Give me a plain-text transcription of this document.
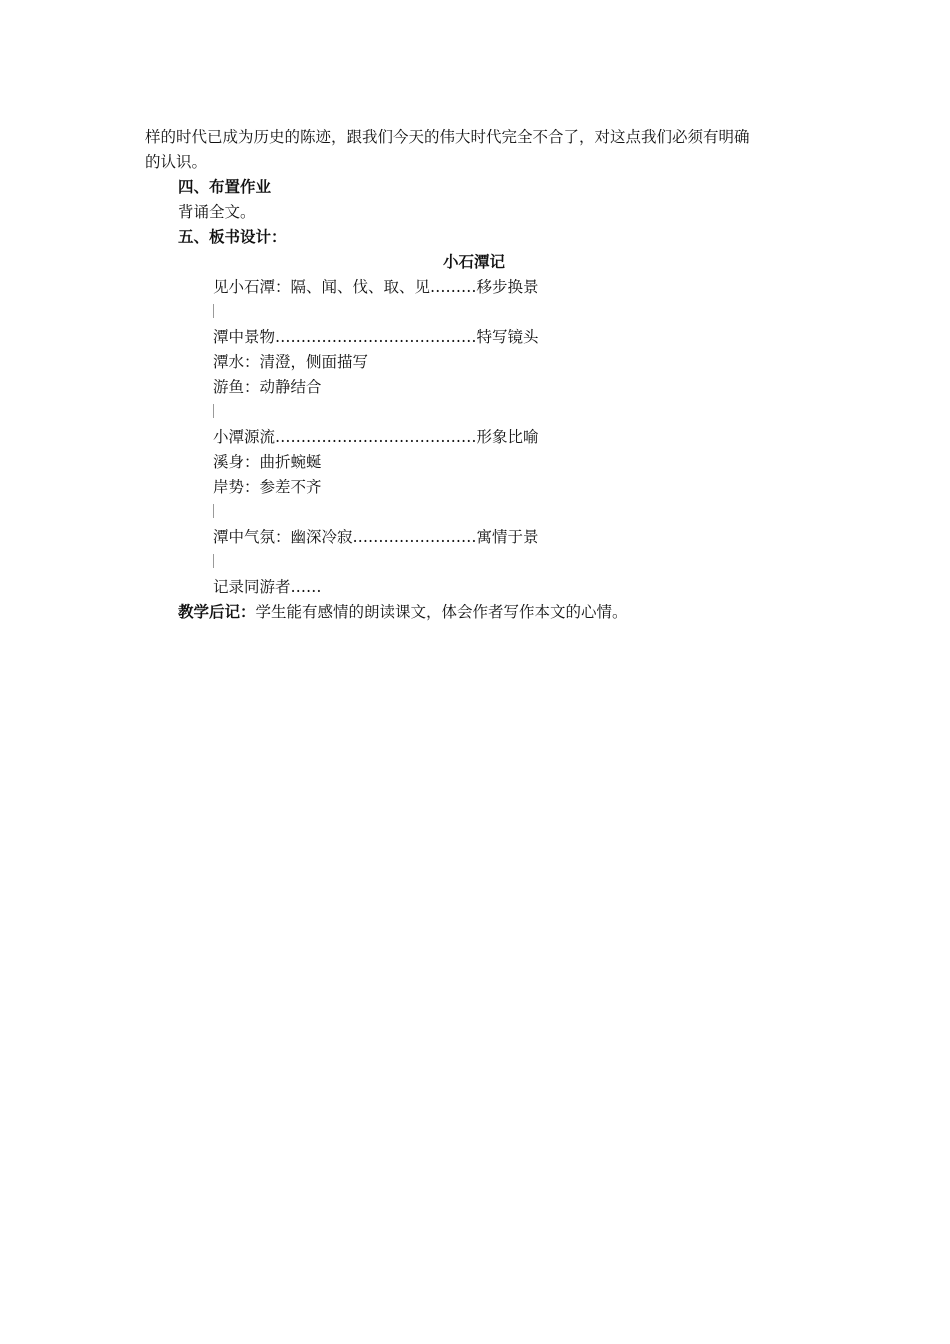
样的时代已成为历史的陈迹，跟我们今天的伟大时代完全不合了，对这点我们必须有明确
的认识。
四、布置作业
背诵全文。
五、板书设计：
小石潭记
见小石潭：隔、闻、伐、取、见………移步换景
潭中景物…………………………………特写镜头
潭水：清澄，侧面描写
游鱼：动静结合
小潭源流…………………………………形象比喻
溪身：曲折蜿蜒
岸势：参差不齐
潭中气氛：幽深冷寂……………………寓情于景
记录同游者……
教学后记：学生能有感情的朗读课文，体会作者写作本文的心情。
